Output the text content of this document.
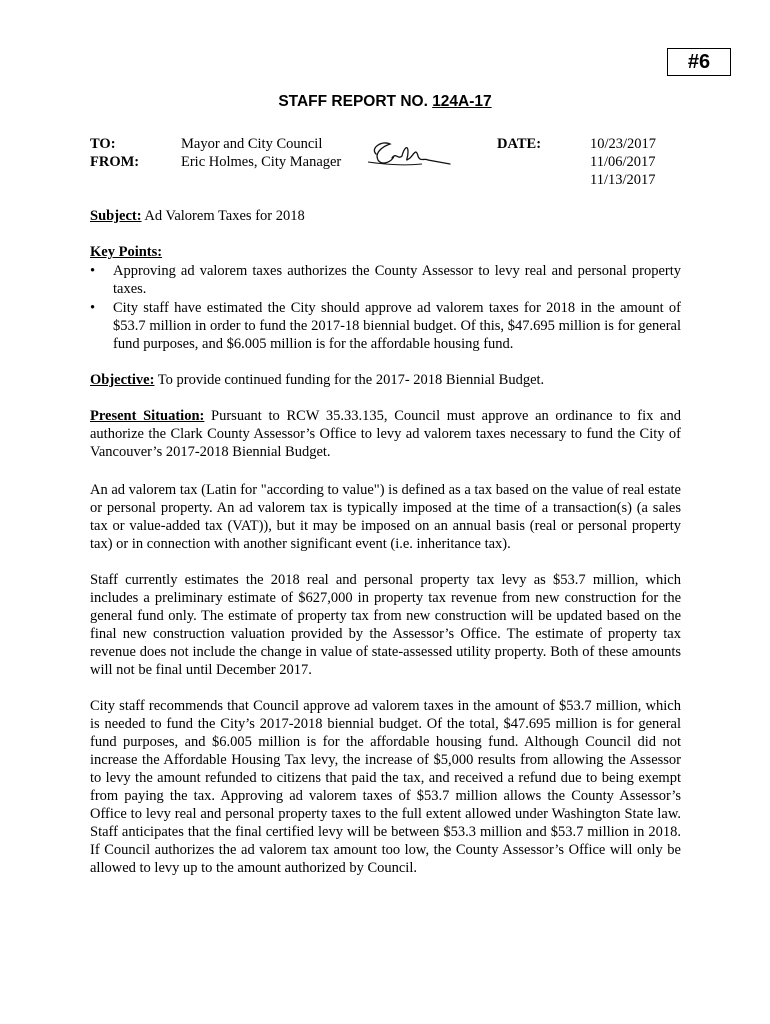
#6
STAFF REPORT NO. 124A-17
TO:	Mayor and City Council
FROM:	Eric Holmes, City Manager
DATE:	10/23/2017
11/06/2017
11/13/2017

Subject: Ad Valorem Taxes for 2018

Key Points:

• Approving ad valorem taxes authorizes the County Assessor to levy real and personal property taxes.
• City staff have estimated the City should approve ad valorem taxes for 2018 in the amount of $53.7 million in order to fund the 2017-18 biennial budget. Of this, $47.695 million is for general fund purposes, and $6.005 million is for the affordable housing fund.

Objective: To provide continued funding for the 2017- 2018 Biennial Budget.

Present Situation: Pursuant to RCW 35.33.135, Council must approve an ordinance to fix and authorize the Clark County Assessor’s Office to levy ad valorem taxes necessary to fund the City of Vancouver’s 2017-2018 Biennial Budget.

An ad valorem tax (Latin for "according to value") is defined as a tax based on the value of real estate or personal property. An ad valorem tax is typically imposed at the time of a transaction(s) (a sales tax or value-added tax (VAT)), but it may be imposed on an annual basis (real or personal property tax) or in connection with another significant event (i.e. inheritance tax).

Staff currently estimates the 2018 real and personal property tax levy as $53.7 million, which includes a preliminary estimate of $627,000 in property tax revenue from new construction for the general fund only. The estimate of property tax from new construction will be updated based on the final new construction valuation provided by the Assessor’s Office. The estimate of property tax revenue does not include the change in value of state-assessed utility property. Both of these amounts will not be final until December 2017.

City staff recommends that Council approve ad valorem taxes in the amount of $53.7 million, which is needed to fund the City’s 2017-2018 biennial budget. Of the total, $47.695 million is for general fund purposes, and $6.005 million is for the affordable housing fund. Although Council did not increase the Affordable Housing Tax levy, the increase of $5,000 results from allowing the Assessor to levy the amount refunded to citizens that paid the tax, and received a refund due to being exempt from paying the tax. Approving ad valorem taxes of $53.7 million allows the County Assessor’s Office to levy real and personal property taxes to the full extent allowed under Washington State law. Staff anticipates that the final certified levy will be between $53.3 million and $53.7 million in 2018. If Council authorizes the ad valorem tax amount too low, the County Assessor’s Office will only be allowed to levy up to the amount authorized by Council.
